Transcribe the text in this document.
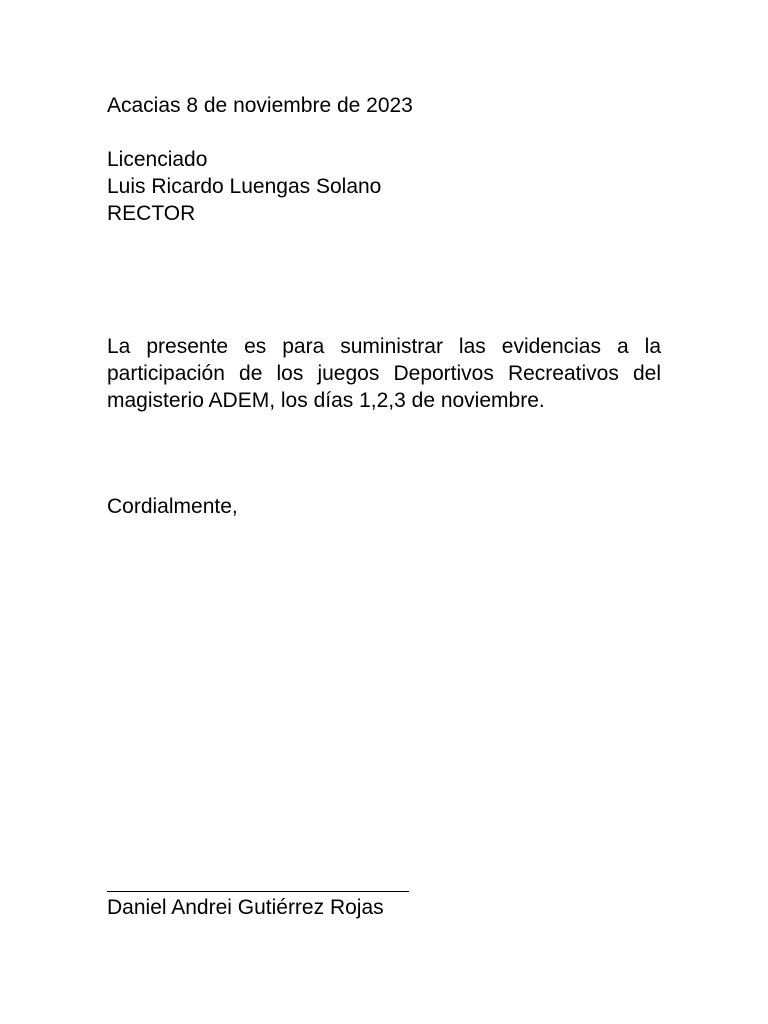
Acacias 8 de noviembre de 2023
Licenciado
Luis Ricardo Luengas Solano
RECTOR
La presente es para suministrar las evidencias a la participación de los juegos Deportivos Recreativos del magisterio ADEM, los días 1,2,3 de noviembre.
Cordialmente,
Daniel Andrei Gutiérrez Rojas
